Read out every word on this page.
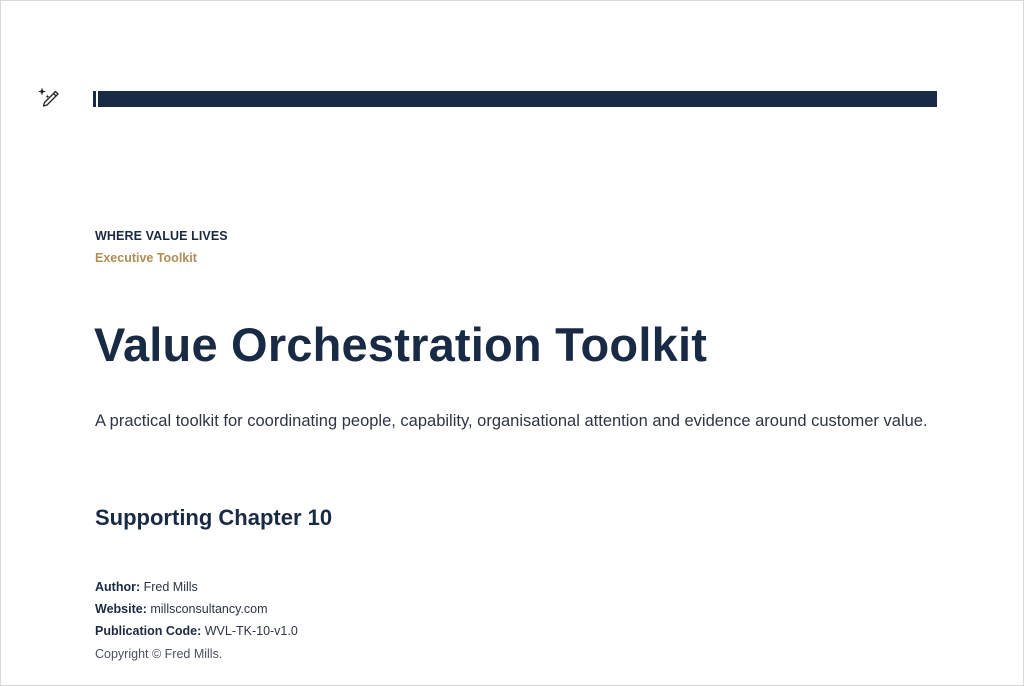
WHERE VALUE LIVES
Executive Toolkit
Value Orchestration Toolkit
A practical toolkit for coordinating people, capability, organisational attention and evidence around customer value.
Supporting Chapter 10
Author: Fred Mills
Website: millsconsultancy.com
Publication Code: WVL-TK-10-v1.0
Copyright © Fred Mills.
